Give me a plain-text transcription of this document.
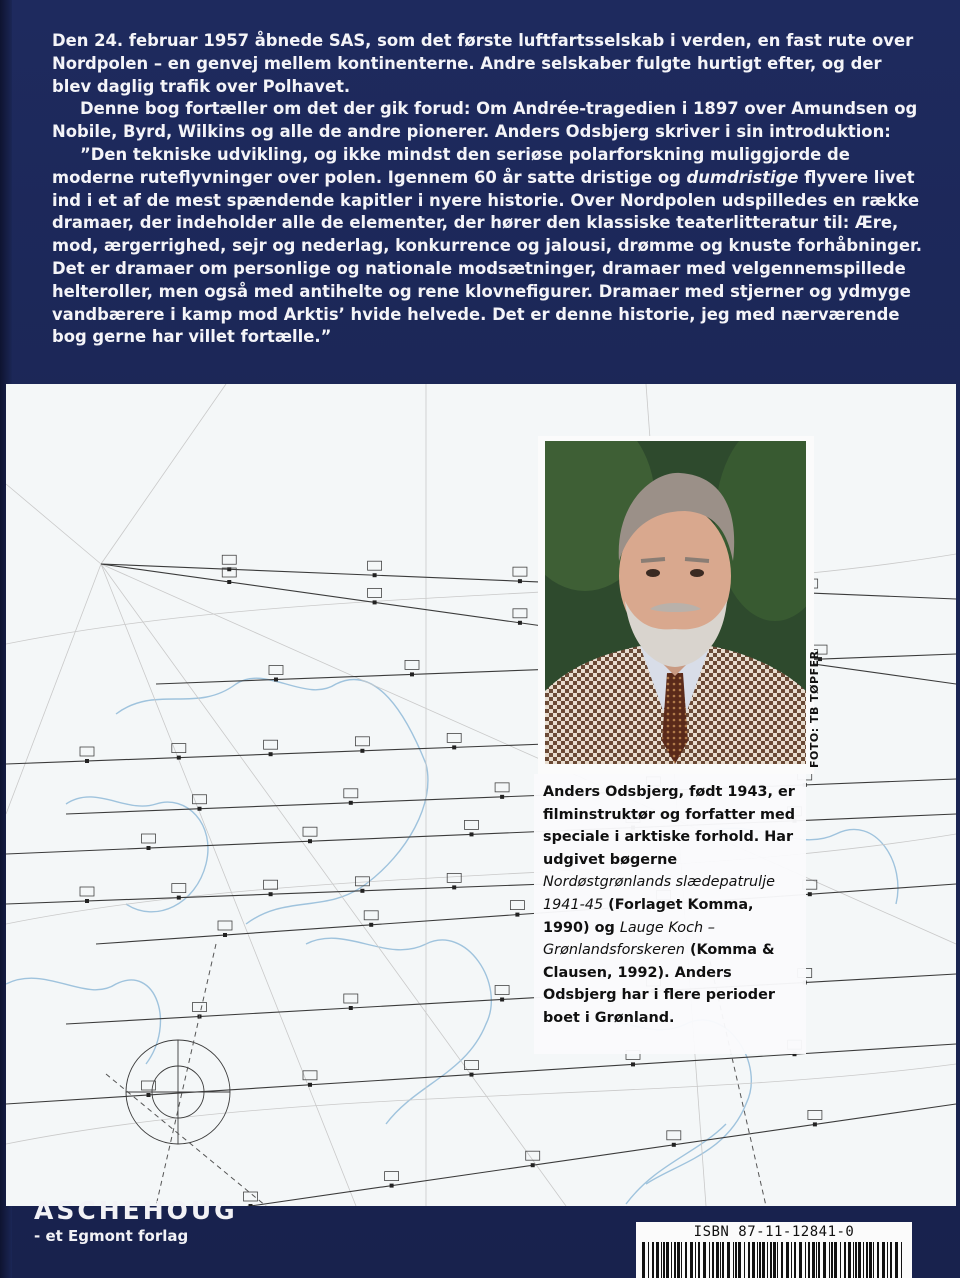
Den 24. februar 1957 åbnede SAS, som det første luftfartsselskab i verden, en fast rute over Nordpolen – en genvej mellem kontinenterne. Andre selskaber fulgte hurtigt efter, og der blev daglig trafik over Polhavet.

Denne bog fortæller om det der gik forud: Om Andrée-tragedien i 1897 over Amundsen og Nobile, Byrd, Wilkins og alle de andre pionerer. Anders Odsbjerg skriver i sin introduktion:

”Den tekniske udvikling, og ikke mindst den seriøse polarforskning muliggjorde de moderne ruteflyvninger over polen. Igennem 60 år satte dristige og dumdristige flyvere livet ind i et af de mest spændende kapitler i nyere historie. Over Nordpolen udspilledes en række dramaer, der indeholder alle de elementer, der hører den klassiske teaterlitteratur til: Ære, mod, ærgerrighed, sejr og nederlag, konkurrence og jalousi, drømme og knuste forhåbninger. Det er dramaer om personlige og nationale modsætninger, dramaer med velgennemspillede helteroller, men også med antihelte og rene klovnefigurer. Dramaer med stjerner og ydmyge vandbærere i kamp mod Arktis’ hvide helvede. Det er denne historie, jeg med nærværende bog gerne har villet fortælle.”

FOTO: TB TØPFER

Anders Odsbjerg, født 1943, er filminstruktør og forfatter med speciale i arktiske forhold. Har udgivet bøgerne Nordøstgrønlands slædepatrulje 1941-45 (Forlaget Komma, 1990) og Lauge Koch – Grønlandsforskeren (Komma & Clausen, 1992). Anders Odsbjerg har i flere perioder boet i Grønland.

ASCHEHOUG
- et Egmont forlag	ISBN 87-11-12841-0
